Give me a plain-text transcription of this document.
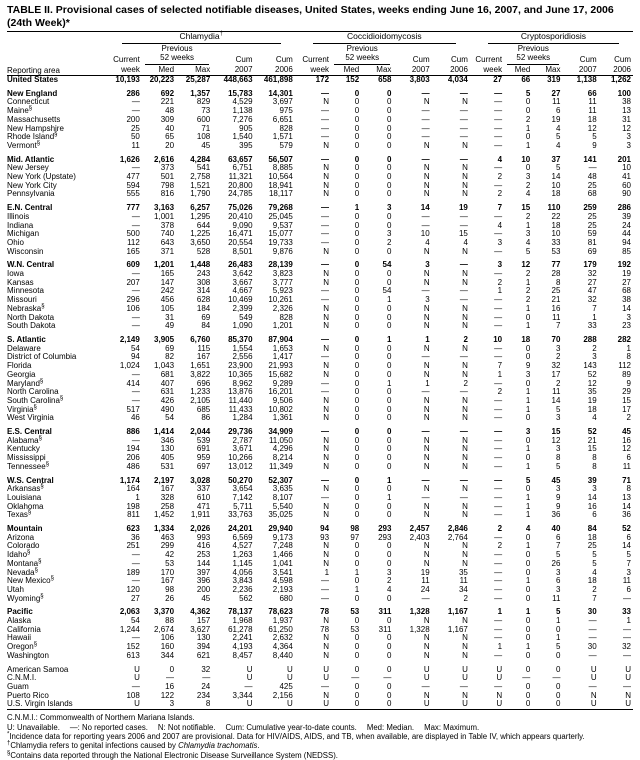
TABLE II. Provisional cases of selected notifiable diseases, United States, weeks ending June 16, 2007, and June 17, 2006
(24th Week)*
Reporting area	Chlamydia†					Coccidioidomycosis					Cryptosporidiosis				

		Previous					Previous					Previous			
	Current	52 weeks		Cum	Cum	Current	52 weeks		Cum	Cum	Current	52 weeks		Cum	Cum
	week	Med	Max	2007	2006	week	Med	Max	2007	2006	week	Med	Max	2007	2006
United States	10,193	20,223	25,287	448,663	461,898	172	152	658	3,803	4,034	27	66	319	1,138	1,262

New England	286	692	1,357	15,783	14,301	—	0	0	—	—	—	5	27	66	100
Connecticut	—	221	829	4,529	3,697	N	0	0	N	N	—	0	11	11	38
Maine§	—	48	73	1,138	975	—	0	0	—	—	—	0	6	11	13
Massachusetts	200	309	600	7,276	6,651	—	0	0	—	—	—	2	19	18	31
New Hampshire	25	40	71	905	828	—	0	0	—	—	—	1	4	12	12
Rhode Island§	50	65	108	1,540	1,571	—	0	0	—	—	—	0	5	5	3
Vermont§	11	20	45	395	579	N	0	0	N	N	—	1	4	9	3

Mid. Atlantic	1,626	2,616	4,284	63,657	56,507	—	0	0	—	—	4	10	37	141	201
New Jersey	—	373	541	6,751	8,885	N	0	0	N	N	—	0	5	—	10
New York (Upstate)	477	501	2,758	11,321	10,564	N	0	0	N	N	2	3	14	48	41
New York City	594	798	1,521	20,800	18,941	N	0	0	N	N	—	2	10	25	60
Pennsylvania	555	816	1,790	24,785	18,117	N	0	0	N	N	2	4	18	68	90

E.N. Central	777	3,163	6,257	75,026	79,268	—	1	3	14	19	7	15	110	259	286
Illinois	—	1,001	1,295	20,410	25,045	—	0	0	—	—	—	2	22	25	39
Indiana	—	378	644	9,090	9,537	—	0	0	—	—	4	1	18	25	24
Michigan	500	740	1,225	16,471	15,077	—	0	3	10	15	—	3	10	59	44
Ohio	112	643	3,650	20,554	19,733	—	0	2	4	4	3	4	33	81	94
Wisconsin	165	371	528	8,501	9,876	N	0	0	N	N	—	5	53	69	85

W.N. Central	609	1,201	1,448	26,483	28,139	—	0	54	3	—	3	12	77	179	192
Iowa	—	165	243	3,642	3,823	N	0	0	N	N	—	2	28	32	19
Kansas	207	147	308	3,667	3,777	N	0	0	N	N	2	1	8	27	27
Minnesota	—	242	314	4,667	5,923	—	0	54	—	—	1	2	25	47	68
Missouri	296	456	628	10,469	10,261	—	0	1	3	—	—	2	21	32	38
Nebraska§	106	105	184	2,399	2,326	N	0	0	N	N	—	1	16	7	14
North Dakota	—	31	69	549	828	N	0	0	N	N	—	0	11	1	3
South Dakota	—	49	84	1,090	1,201	N	0	0	N	N	—	1	7	33	23

S. Atlantic	2,149	3,905	6,760	85,370	87,904	—	0	1	1	2	10	18	70	288	282
Delaware	54	69	115	1,554	1,653	N	0	0	N	N	—	0	3	2	1
District of Columbia	94	82	167	2,556	1,417	—	0	0	—	—	—	0	2	3	8
Florida	1,024	1,043	1,651	23,900	21,993	N	0	0	N	N	7	9	32	143	112
Georgia	—	681	3,822	10,365	15,682	N	0	0	N	N	1	3	17	52	89
Maryland§	414	407	696	8,962	9,289	—	0	1	1	2	—	0	2	12	9
North Carolina	—	631	1,233	13,876	16,201	—	0	0	—	—	2	1	11	35	29
South Carolina§	—	426	2,105	11,440	9,506	N	0	0	N	N	—	1	14	19	15
Virginia§	517	490	685	11,433	10,802	N	0	0	N	N	—	1	5	18	17
West Virginia	46	54	86	1,284	1,361	N	0	0	N	N	—	0	3	4	2

E.S. Central	886	1,414	2,044	29,736	34,909	—	0	0	—	—	—	3	15	52	45
Alabama§	—	346	539	2,787	11,050	N	0	0	N	N	—	0	12	21	16
Kentucky	194	130	691	3,671	4,296	N	0	0	N	N	—	1	3	15	12
Mississippi	206	405	959	10,266	8,214	N	0	0	N	N	—	0	8	8	6
Tennessee§	486	531	697	13,012	11,349	N	0	0	N	N	—	1	5	8	11

W.S. Central	1,174	2,197	3,028	50,270	52,307	—	0	1	—	—	—	5	45	39	71
Arkansas§	164	167	337	3,654	3,635	N	0	0	N	N	—	0	3	3	8
Louisiana	1	328	610	7,142	8,107	—	0	1	—	—	—	1	9	14	13
Oklahoma	198	258	471	5,711	5,540	N	0	0	N	N	—	1	9	16	14
Texas§	811	1,452	1,911	33,763	35,025	N	0	0	N	N	—	1	36	6	36

Mountain	623	1,334	2,026	24,201	29,940	94	98	293	2,457	2,846	2	4	40	84	52
Arizona	36	463	993	6,569	9,173	93	97	293	2,403	2,764	—	0	6	18	6
Colorado	251	299	416	4,527	7,248	N	0	0	N	N	2	1	7	25	14
Idaho§	—	42	253	1,263	1,466	N	0	0	N	N	—	0	5	5	5
Montana§	—	53	144	1,145	1,041	N	0	0	N	N	—	0	26	5	7
Nevada§	189	170	397	4,056	3,541	1	1	3	19	35	—	0	3	4	3
New Mexico§	—	167	396	3,843	4,598	—	0	2	11	11	—	1	6	18	11
Utah	120	98	200	2,236	2,193	—	1	4	24	34	—	0	3	2	6
Wyoming§	27	26	45	562	680	—	0	0	—	2	—	0	11	7	—

Pacific	2,063	3,370	4,362	78,137	78,623	78	53	311	1,328	1,167	1	1	5	30	33
Alaska	54	88	157	1,968	1,937	N	0	0	N	N	—	0	1	—	1
California	1,244	2,674	3,627	61,278	61,250	78	53	311	1,328	1,167	—	0	0	—	—
Hawaii	—	106	130	2,241	2,632	N	0	0	N	N	—	0	1	—	—
Oregon§	152	160	394	4,193	4,364	N	0	0	N	N	1	1	5	30	32
Washington	613	344	621	8,457	8,440	N	0	0	N	N	—	0	0	—	—

American Samoa	U	0	32	U	U	U	0	0	U	U	U	0	0	U	U
C.N.M.I.	U	—	—	U	U	U	—	—	U	U	U	—	—	U	U
Guam	—	16	24	—	425	—	0	0	—	—	—	0	0	—	—
Puerto Rico	108	122	234	3,344	2,156	N	0	0	N	N	N	0	0	N	N
U.S. Virgin Islands	U	3	8	U	U	U	0	0	U	U	U	0	0	U	U
C.N.M.I.: Commonwealth of Northern Mariana Islands.
U: Unavailable. —: No reported cases. N: Not notifiable. Cum: Cumulative year-to-date counts. Med: Median. Max: Maximum.
*Incidence data for reporting years 2006 and 2007 are provisional. Data for HIV/AIDS, AIDS, and TB, when available, are displayed in Table IV, which appears quarterly.
†Chlamydia refers to genital infections caused by Chlamydia trachomatis.
§Contains data reported through the National Electronic Disease Surveillance System (NEDSS).
